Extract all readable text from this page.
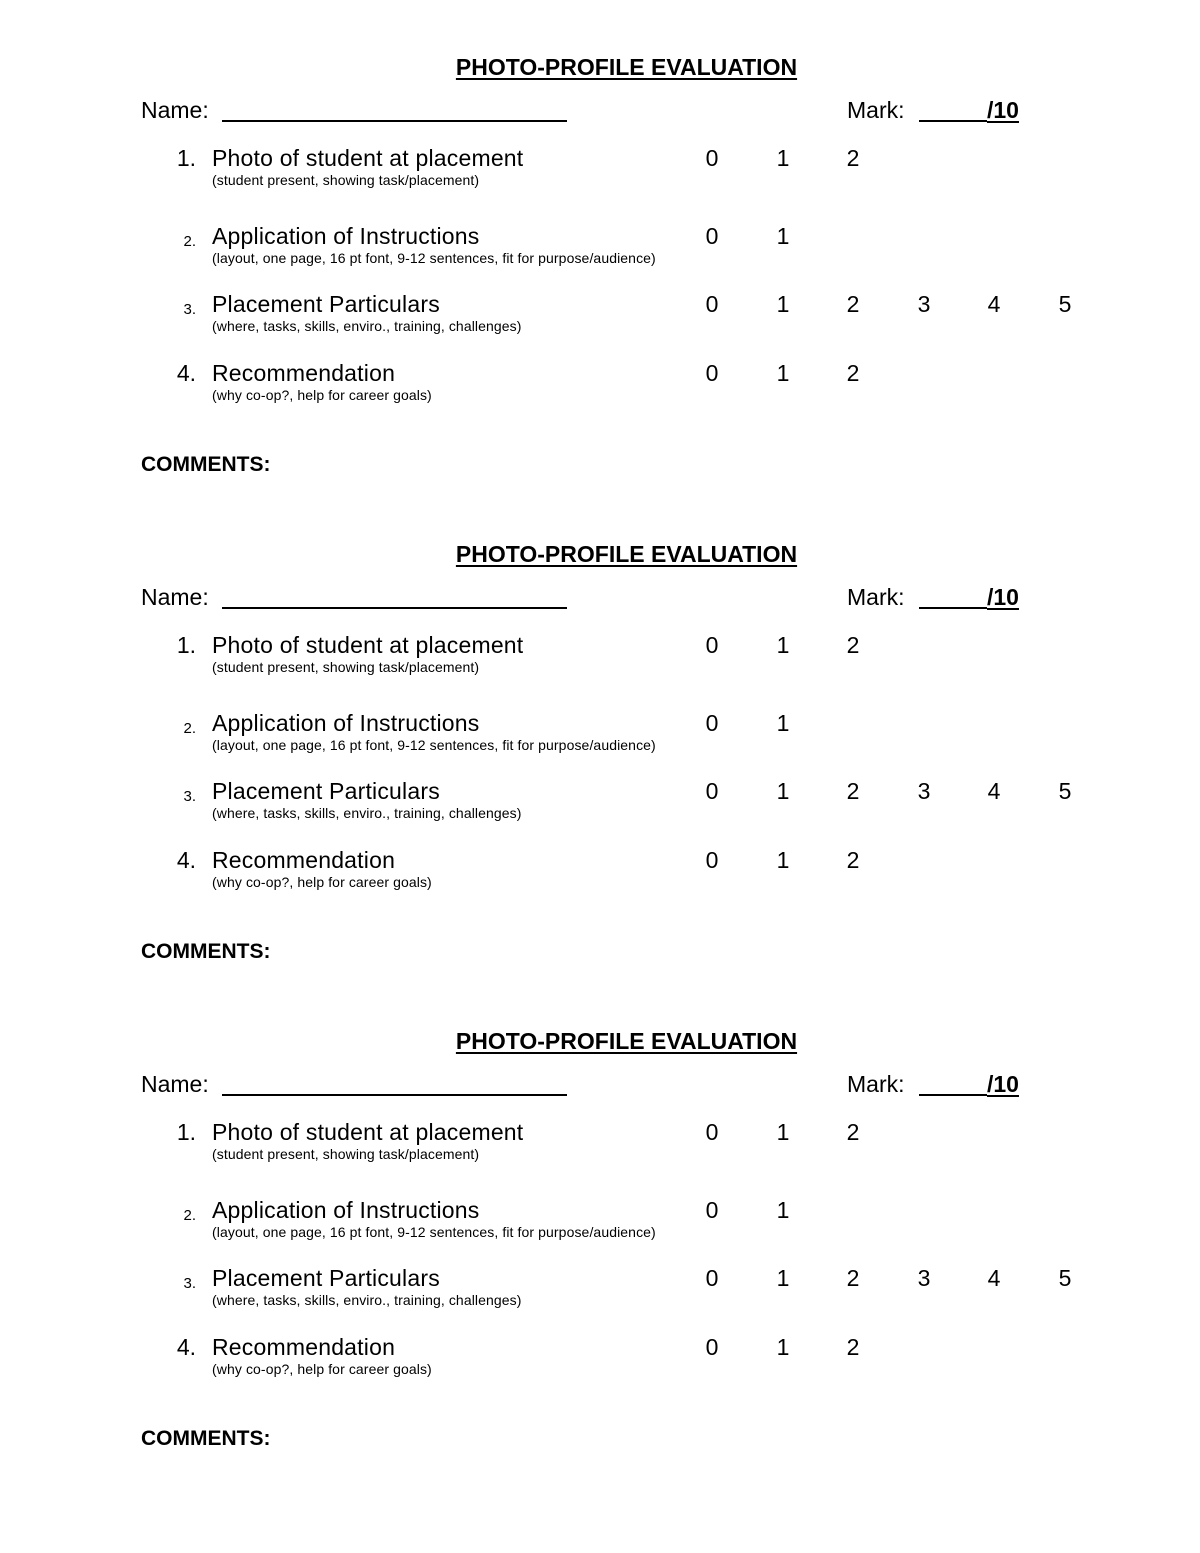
PHOTO-PROFILE EVALUATION
Name:	Mark:	/10
1. Photo of student at placement
(student present, showing task/placement)
0	1	2
2. Application of Instructions
(layout, one page, 16 pt font, 9-12 sentences, fit for purpose/audience)
0	1
3. Placement Particulars
(where, tasks, skills, enviro., training, challenges)
0	1	2	3	4	5
4. Recommendation
(why co-op?, help for career goals)
0	1	2
COMMENTS:
PHOTO-PROFILE EVALUATION
Name:	Mark:	/10
1. Photo of student at placement
(student present, showing task/placement)
0	1	2
2. Application of Instructions
(layout, one page, 16 pt font, 9-12 sentences, fit for purpose/audience)
0	1
3. Placement Particulars
(where, tasks, skills, enviro., training, challenges)
0	1	2	3	4	5
4. Recommendation
(why co-op?, help for career goals)
0	1	2
COMMENTS:
PHOTO-PROFILE EVALUATION
Name:	Mark:	/10
1. Photo of student at placement
(student present, showing task/placement)
0	1	2
2. Application of Instructions
(layout, one page, 16 pt font, 9-12 sentences, fit for purpose/audience)
0	1
3. Placement Particulars
(where, tasks, skills, enviro., training, challenges)
0	1	2	3	4	5
4. Recommendation
(why co-op?, help for career goals)
0	1	2
COMMENTS:
